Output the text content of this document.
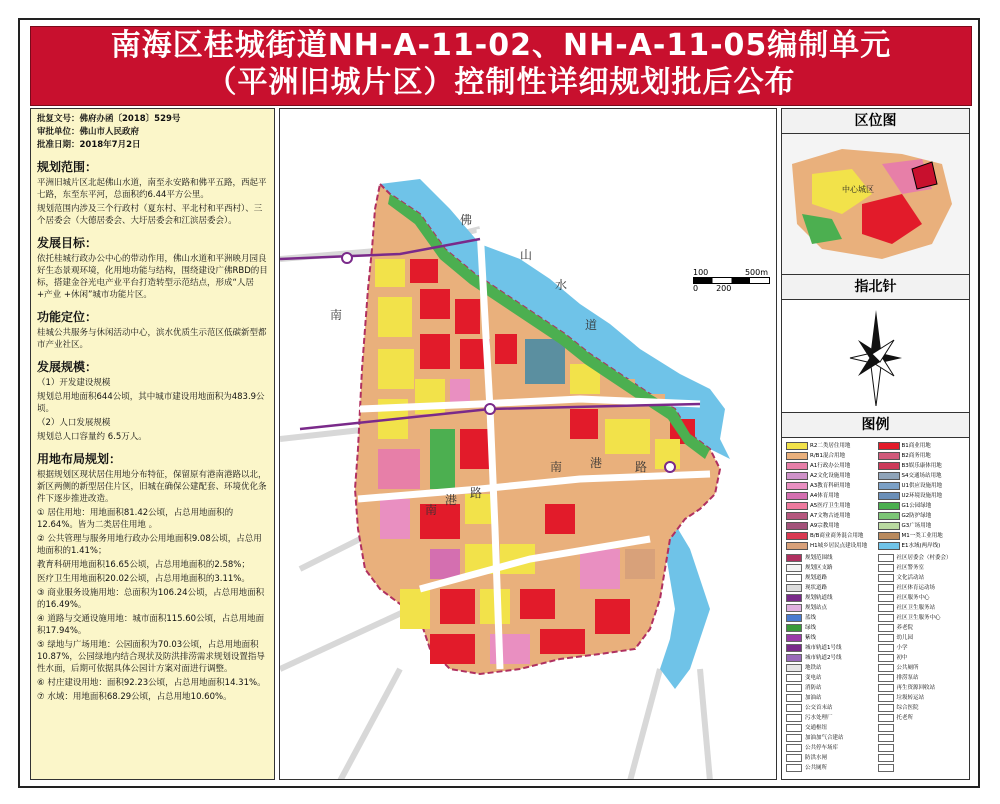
南海区桂城街道NH-A-11-02、NH-A-11-05编制单元
（平洲旧城片区）控制性详细规划批后公布
批复文号：佛府办函〔2018〕529号
审批单位：佛山市人民政府
批准日期：2018年7月2日
规划范围：

平洲旧城片区北起佛山水道，南至永安路和佛平五路，西起平七路，东至东平河，总面积约6.44平方公里。

规划范围内涉及三个行政村（夏东村、平北村和平西村）、三个居委会（大德居委会、大圩居委会和江滨居委会）。

发展目标：

依托桂城行政办公中心的带动作用，佛山水道和平洲映月园良好生态景观环境，化用地功能与结构，围绕建设广佛RBD的目标，搭建金谷光电产业平台打造转型示范结点，形成“人居 +产业 +休闲”城市功能片区。

功能定位：

桂城公共服务与休闲活动中心，滨水优质生示范区低碳新型都市产业社区。

发展规模：

（1）开发建设规模

规划总用地面积644公顷，其中城市建设用地面积为483.9公顷。

（2）人口发展规模

规划总人口容量约 6.5万人。

用地布局规划：

根据规划区现状居住用地分布特征，保留原有港南港路以北，新区两侧的新型居住片区，旧城在确保公建配套、环境优化条件下逐步推进改造。

① 居住用地：用地面积81.42公顷，占总用地面积的12.64%。皆为二类居住用地 。

② 公共管理与服务用地行政办公用地面积9.08公顷，占总用地面积的1.41%；

教育科研用地面积16.65公顷，占总用地面积的2.58%；

医疗卫生用地面积20.02公顷，占总用地面积的3.11%。

③ 商业服务设施用地：总面积为106.24公顷，占总用地面积的16.49%。

④ 道路与交通设施用地：城市面积115.60公顷，占总用地面积17.94%。

⑤ 绿地与广场用地：公园面积为70.03公顷，占总用地面积10.87%，公园绿地内结合现状及防洪排涝需求规划设置指导性水面，后期可依据具体公园计方案对面进行调整。

⑥ 村庄建设用地：面积92.23公顷，占总用地面积14.31%。

⑦ 水域：用地面积68.29公顷，占总用地10.60%。

南 港	路
南
港 路
佛
山
水
道
南
100	500m
0 200
区位图
中心城区
指北针
图例
R2二类居住用地	B1商业用地
R/B1混合用地	B2商务用地
A1行政办公用地	B3娱乐康体用地
A2文化设施用地	S4交通场站用地
A3教育科研用地	U1供应设施用地
A4体育用地	U2环境设施用地
A5医疗卫生用地	G1公园绿地
A7文物古迹用地	G2防护绿地
A9宗教用地	G3广场用地
B/B商业商务混合用地	M1一类工业用地
H1城乡居民点建设用地	E1水域(两岸线)
规划范围线	社区居委会（村委会）
规划区支路	社区警务室
规划道路	文化活动站
现状道路	社区体育运动场
规划轨道线	社区服务中心
规划站点	社区卫生服务站
蓝线	社区卫生服务中心
绿线	养老院
紫线	幼儿园
城市轨道1号线	小学
城市轨道2号线	初中
地铁站	公共厕所
变电站	排涝泵站
消防站	再生资源回收站
加油站	垃圾转运站
公交首末站	综合医院
污水处理厂	托老所
交通枢纽
加油加气合建站
公共停车场库
防洪水闸
公共厕所
